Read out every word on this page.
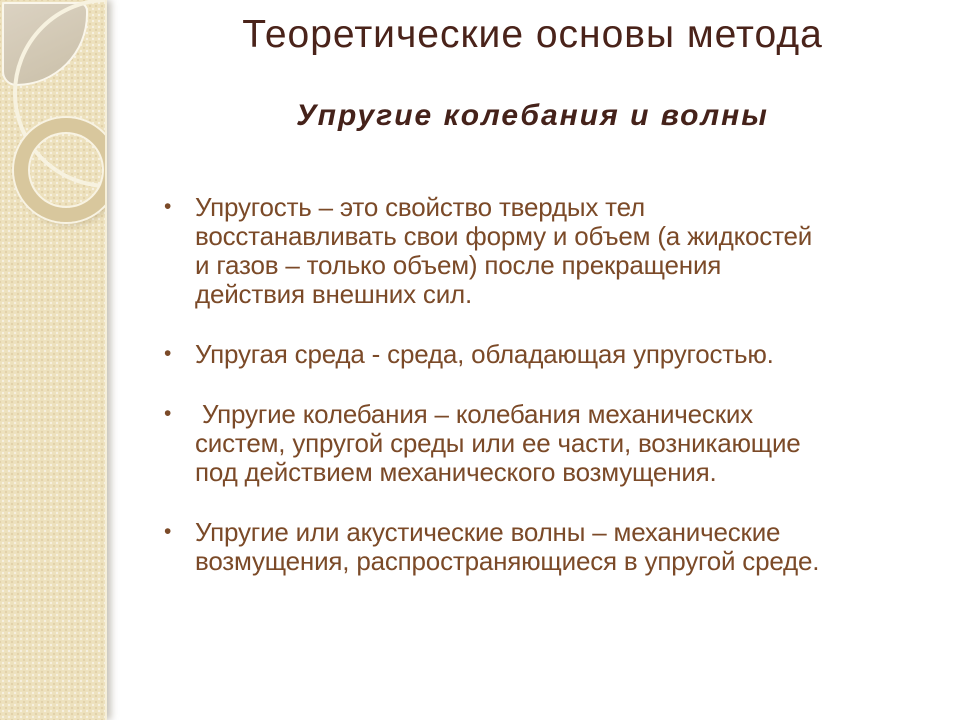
Теоретические основы метода
Упругие колебания и волны
• Упругость – это свойство твердых тел
восстанавливать свои форму и объем (а жидкостей
и газов – только объем) после прекращения
действия внешних сил.
• Упругая среда - среда, обладающая упругостью.
• Упругие колебания – колебания механических
систем, упругой среды или ее части, возникающие
под действием механического возмущения.
• Упругие или акустические волны – механические
возмущения, распространяющиеся в упругой среде.
